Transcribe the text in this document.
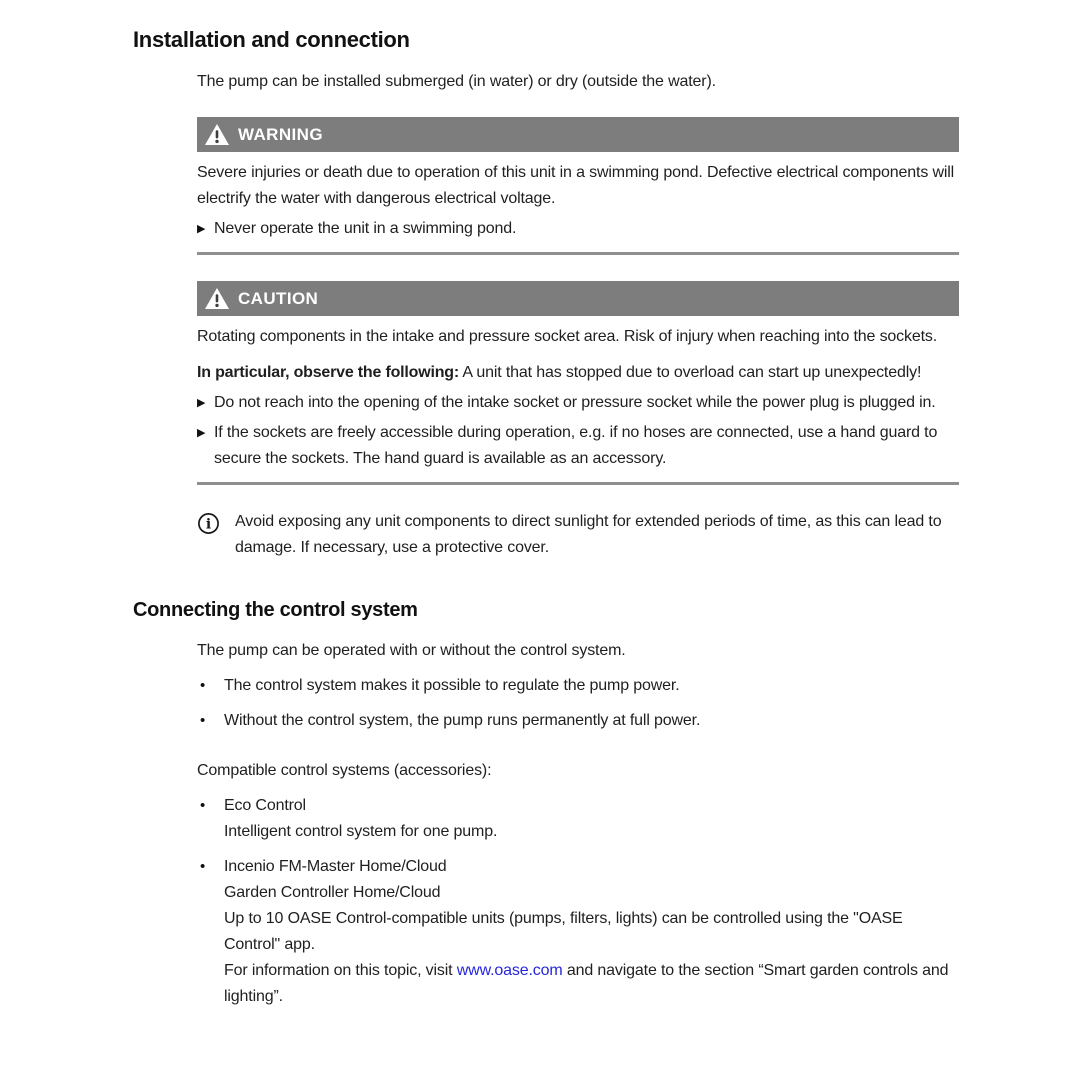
Installation and connection

The pump can be installed submerged (in water) or dry (outside the water).

WARNING

Severe injuries or death due to operation of this unit in a swimming pond. Defective electrical components will electrify the water with dangerous electrical voltage.

▶ Never operate the unit in a swimming pond.
CAUTION

Rotating components in the intake and pressure socket area. Risk of injury when reaching into the sockets.

In particular, observe the following: A unit that has stopped due to overload can start up unexpectedly!

▶ Do not reach into the opening of the intake socket or pressure socket while the power plug is plugged in.
▶ If the sockets are freely accessible during operation, e.g. if no hoses are connected, use a hand guard to secure the sockets. The hand guard is available as an accessory.
i Avoid exposing any unit components to direct sunlight for extended periods of time, as this can lead to damage. If necessary, use a protective cover.

Connecting the control system

The pump can be operated with or without the control system.

•	The control system makes it possible to regulate the pump power.
•	Without the control system, the pump runs permanently at full power.

Compatible control systems (accessories):

•	Eco Control
Intelligent control system for one pump.
•	Incenio FM-Master Home/Cloud
Garden Controller Home/Cloud
Up to 10 OASE Control-compatible units (pumps, filters, lights) can be controlled using the "OASE Control" app.
For information on this topic, visit www.oase.com and navigate to the section “Smart garden controls and lighting”.
